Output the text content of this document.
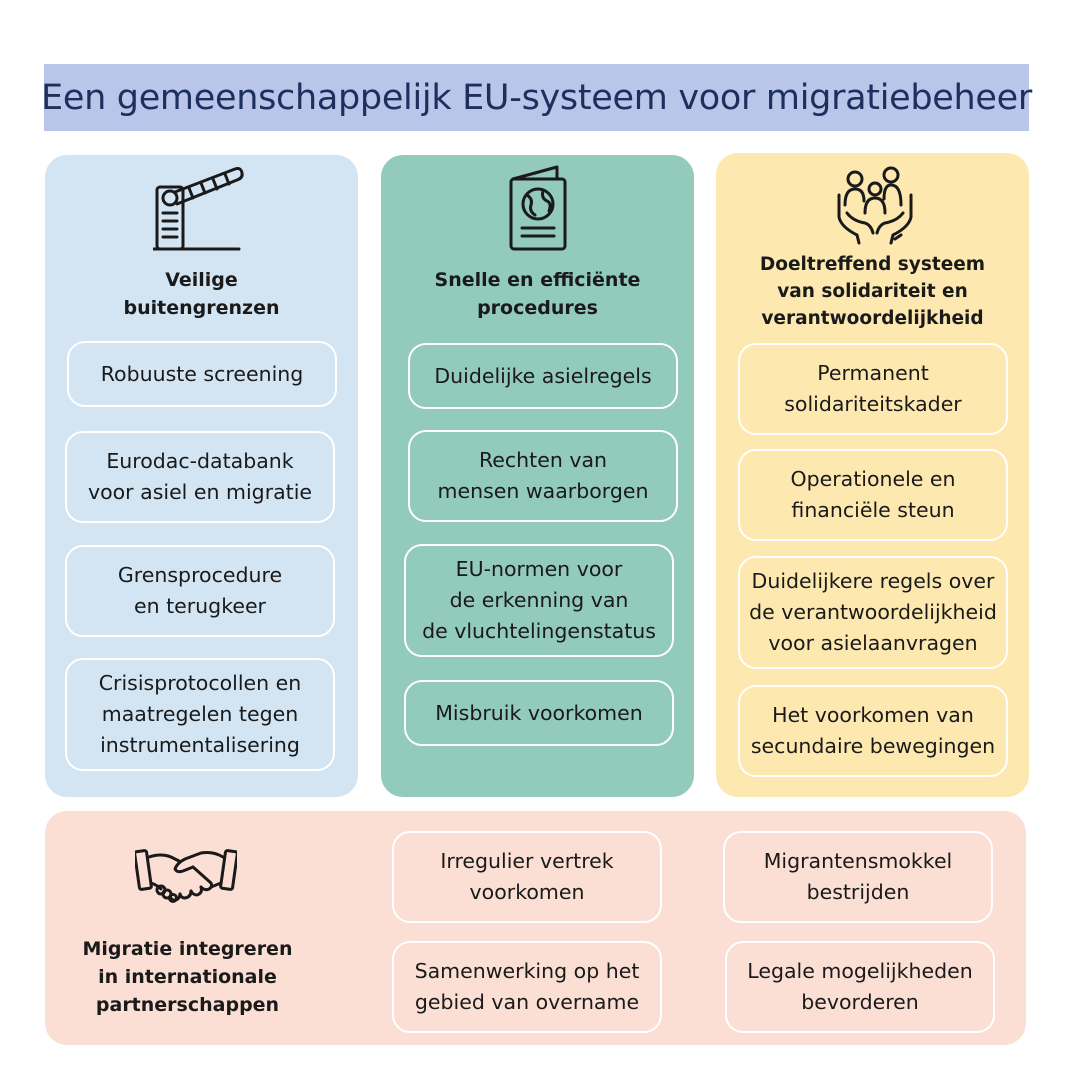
Een gemeenschappelijk EU-systeem voor migratiebeheer
Veilige
buitengrenzen
Robuuste screening
Eurodac-databank
voor asiel en migratie
Grensprocedure
en terugkeer
Crisisprotocollen en
maatregelen tegen
instrumentalisering
Snelle en efficiënte
procedures
Duidelijke asielregels
Rechten van
mensen waarborgen
EU-normen voor
de erkenning van
de vluchtelingenstatus
Misbruik voorkomen
Doeltreffend systeem
van solidariteit en
verantwoordelijkheid
Permanent
solidariteitskader
Operationele en
financiële steun
Duidelijkere regels over
de verantwoordelijkheid
voor asielaanvragen
Het voorkomen van
secundaire bewegingen
Irregulier vertrek
voorkomen
Migrantensmokkel
bestrijden
Samenwerking op het
gebied van overname
Legale mogelijkheden
bevorderen
Migratie integreren
in internationale
partnerschappen
